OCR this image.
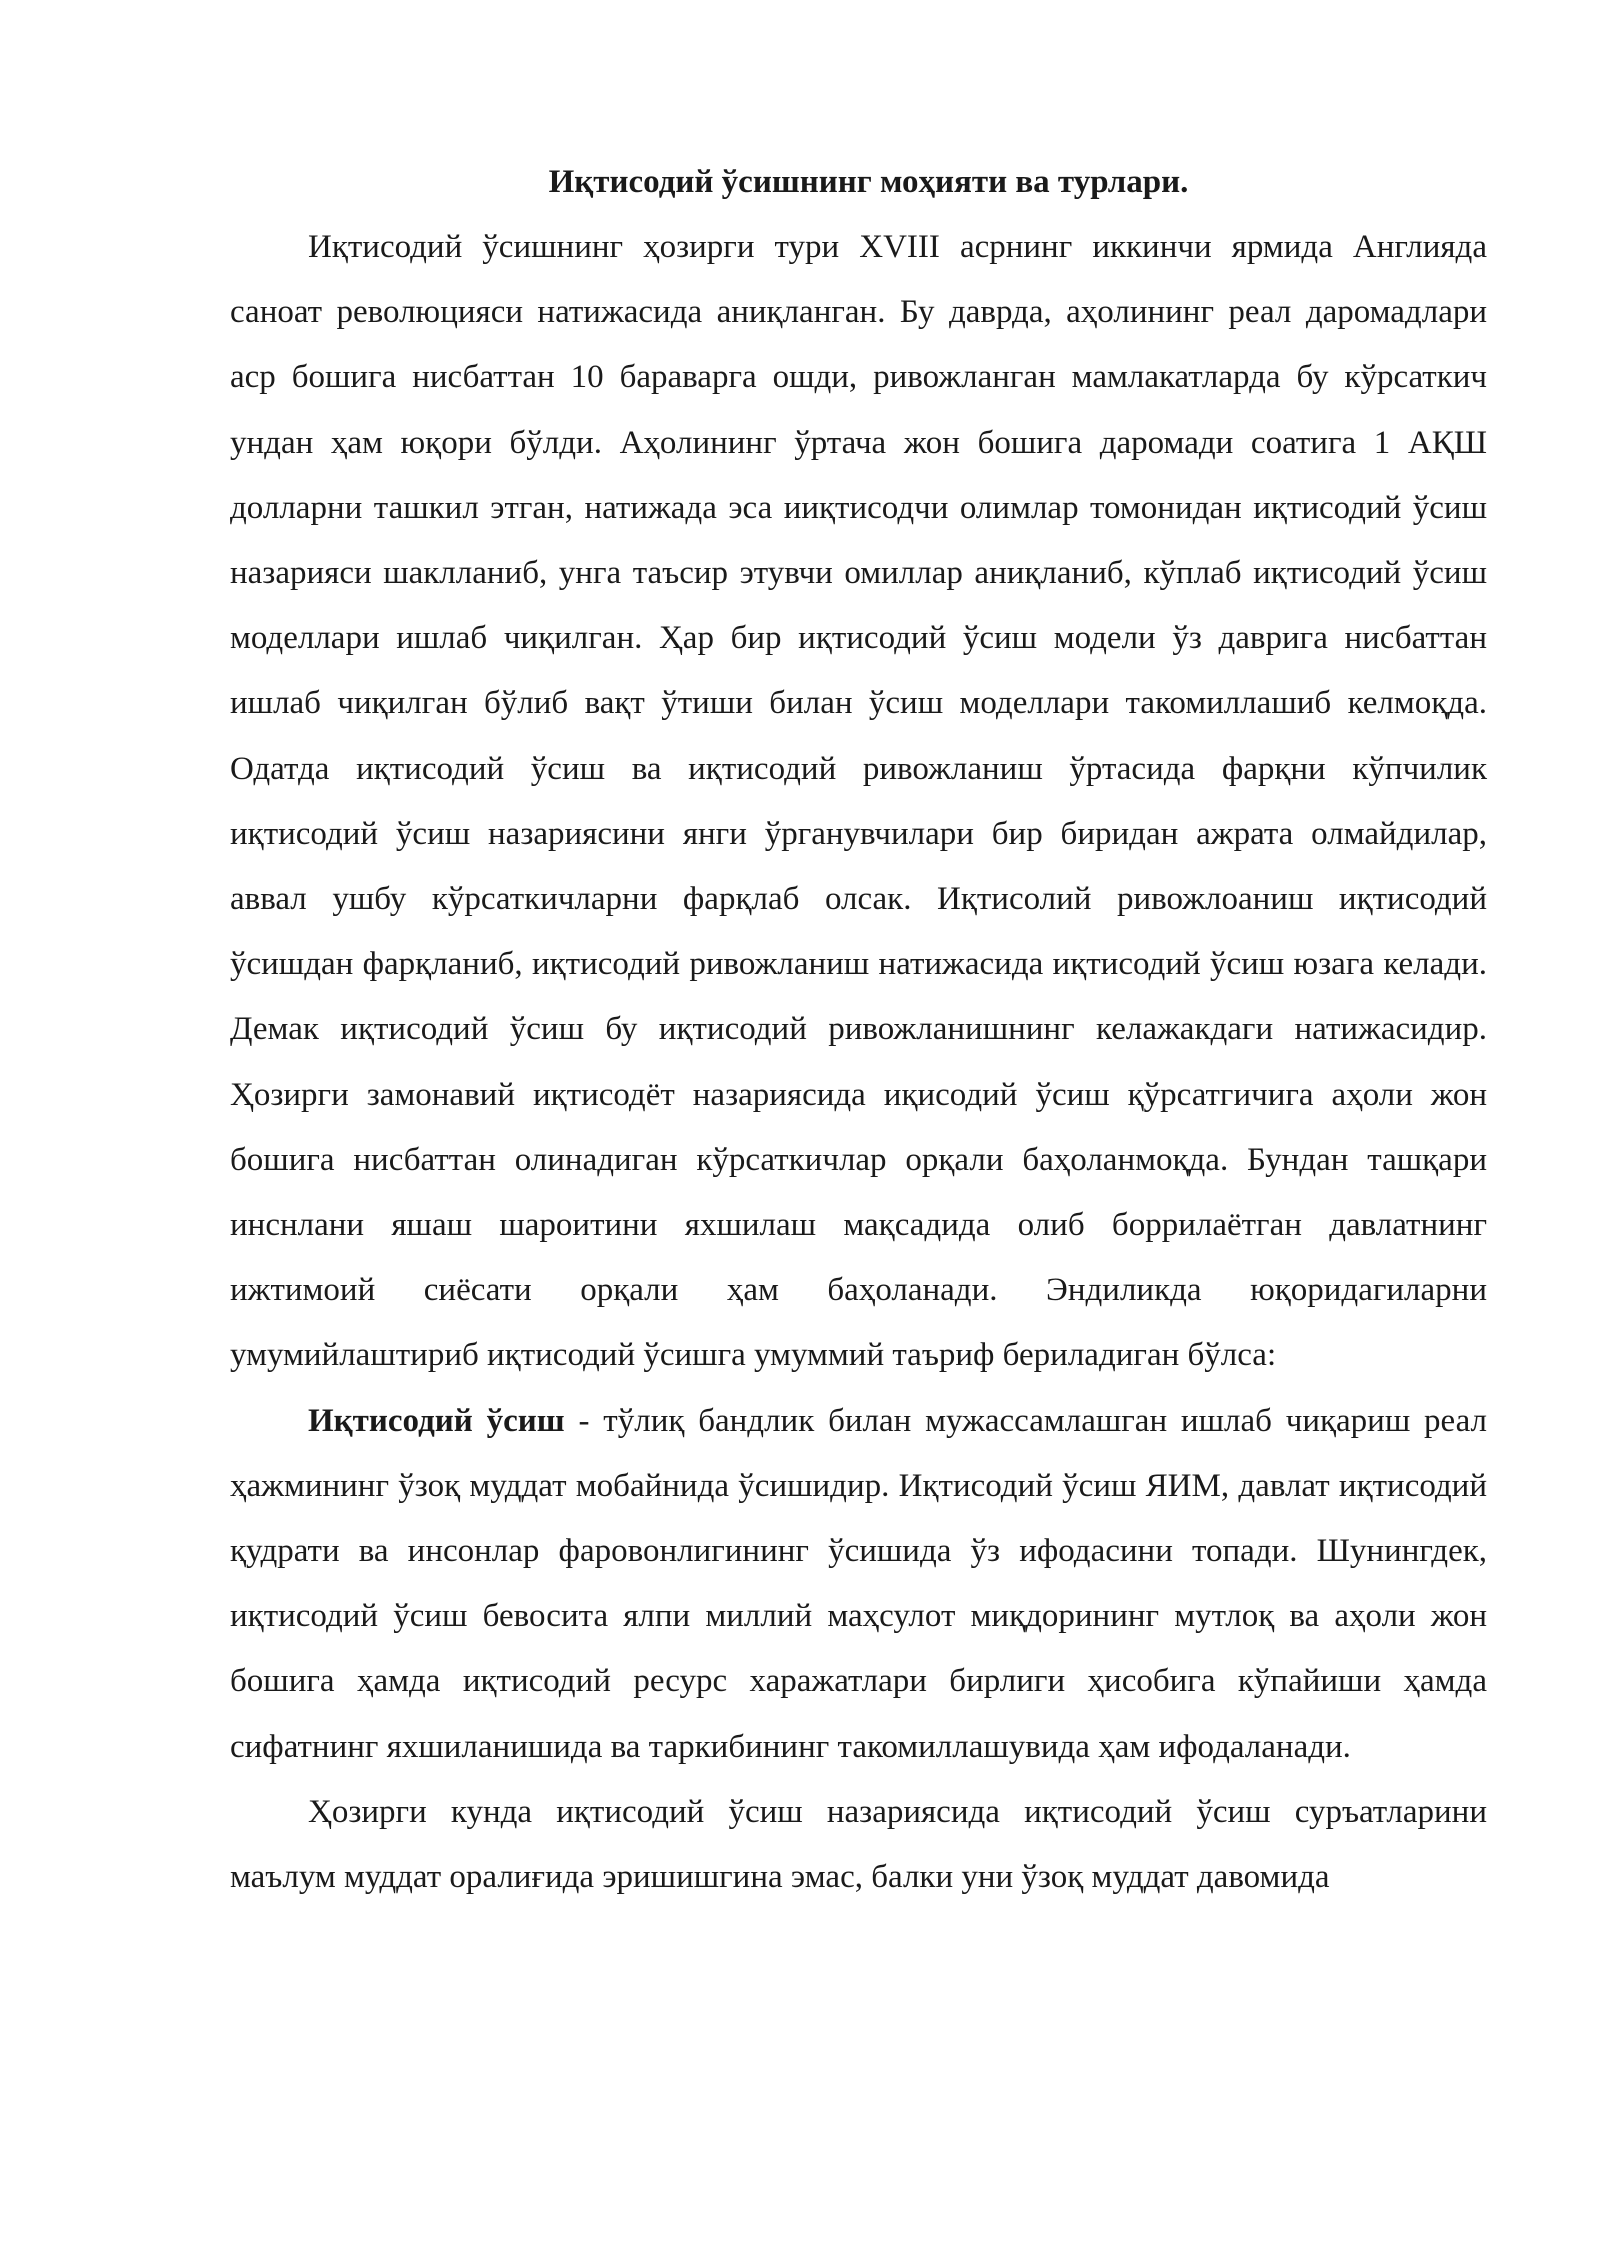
Иқтисодий ўсишнинг моҳияти ва турлари.

Иқтисодий ўсишнинг ҳозирги тури XVIII асрнинг иккинчи ярмида Англияда саноат революцияси натижасида аниқланган. Бу даврда, аҳолининг реал даромадлари аср бошига нисбаттан 10 бараварга ошди, ривожланган мамлакатларда бу кўрсаткич ундан ҳам юқори бўлди. Аҳолининг ўртача жон бошига даромади соатига 1 АҚШ долларни ташкил этган, натижада эса ииқтисодчи олимлар томонидан иқтисодий ўсиш назарияси шаклланиб, унга таъсир этувчи омиллар аниқланиб, кўплаб иқтисодий ўсиш моделлари ишлаб чиқилган. Ҳар бир иқтисодий ўсиш модели ўз даврига нисбаттан ишлаб чиқилган бўлиб вақт ўтиши билан ўсиш моделлари такомиллашиб келмоқда. Одатда иқтисодий ўсиш ва иқтисодий ривожланиш ўртасида фарқни кўпчилик иқтисодий ўсиш назариясини янги ўрганувчилари бир биридан ажрата олмайдилар, аввал ушбу кўрсаткичларни фарқлаб олсак. Иқтисолий ривожлоаниш иқтисодий ўсишдан фарқланиб, иқтисодий ривожланиш натижасида иқтисодий ўсиш юзага келади. Демак иқтисодий ўсиш бу иқтисодий ривожланишнинг келажакдаги натижасидир. Ҳозирги замонавий иқтисодёт назариясида иқисодий ўсиш қўрсатгичига аҳоли жон бошига нисбаттан олинадиган кўрсаткичлар орқали баҳоланмоқда. Бундан ташқари инснлани яшаш шароитини яхшилаш мақсадида олиб боррилаётган давлатнинг ижтимоий сиёсати орқали ҳам баҳоланади. Эндиликда юқоридагиларни умумийлаштириб иқтисодий ўсишга умуммий таъриф бериладиган бўлса:

Иқтисодий ўсиш - тўлиқ бандлик билан мужассамлашган ишлаб чиқариш реал ҳажмининг ўзоқ муддат мобайнида ўсишидир. Иқтисодий ўсиш ЯИМ, давлат иқтисодий қудрати ва инсонлар фаровонлигининг ўсишида ўз ифодасини топади. Шунингдек, иқтисодий ўсиш бевосита ялпи миллий маҳсулот миқдорининг мутлоқ ва аҳоли жон бошига ҳамда иқтисодий ресурс харажатлари бирлиги ҳисобига кўпайиши ҳамда сифатнинг яхшиланишида ва таркибининг такомиллашувида ҳам ифодаланади.

Ҳозирги кунда иқтисодий ўсиш назариясида иқтисодий ўсиш суръатларини маълум муддат оралиғида эришишгина эмас, балки уни ўзоқ муддат давомида
